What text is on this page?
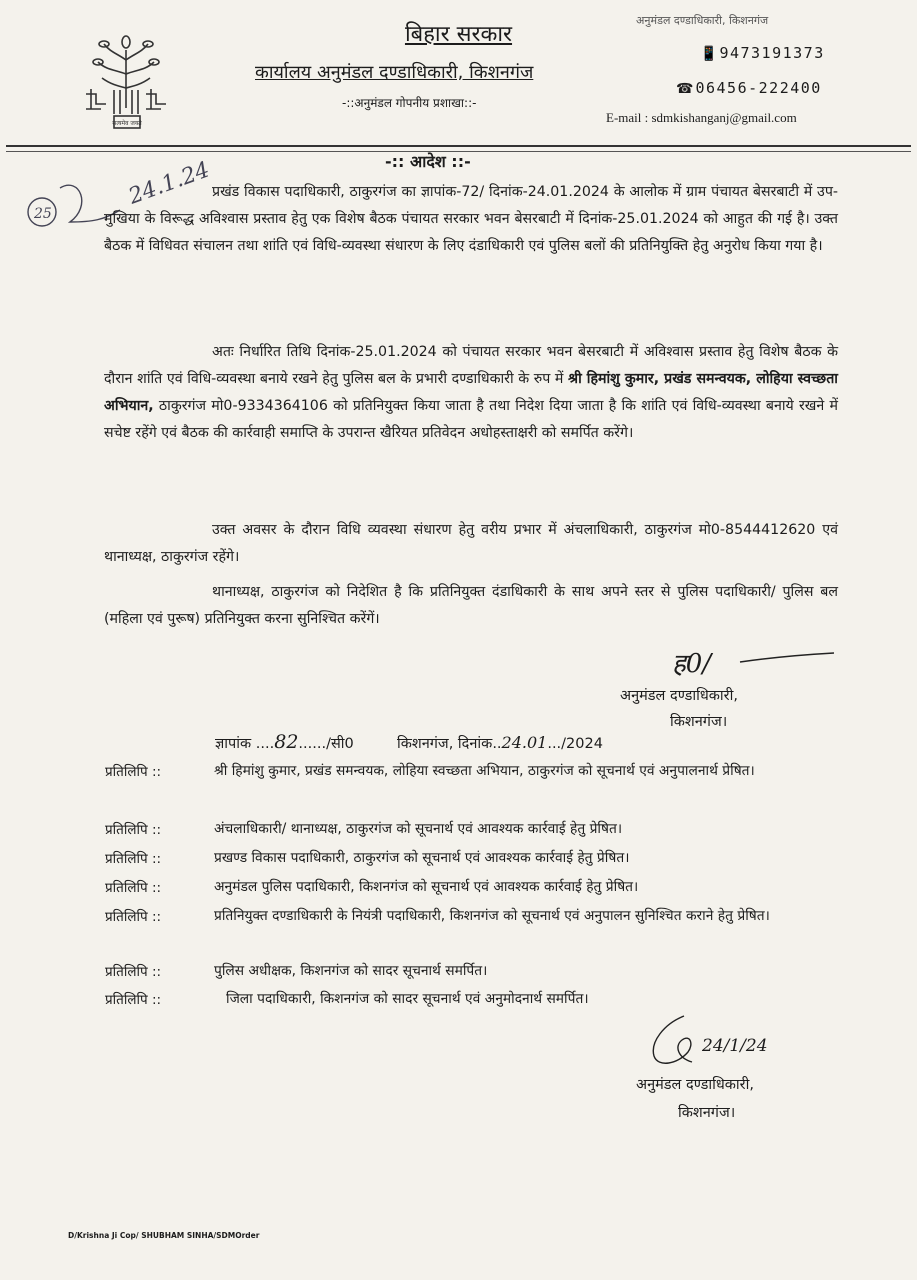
सत्यमेव जयते
अनुमंडल दण्डाधिकारी, किशनगंज
बिहार सरकार
कार्यालय अनुमंडल दण्डाधिकारी, किशनगंज
-::अनुमंडल गोपनीय प्रशाखा::-
📱 9473191373
☎ 06456-222400
E-mail : sdmkishanganj@gmail.com
25
24.1.24	-:: आदेश ::-
प्रखंड विकास पदाधिकारी, ठाकुरगंज का ज्ञापांक-72/ दिनांक-24.01.2024 के आलोक में ग्राम पंचायत बेसरबाटी में उप-मुखिया के विरूद्ध अविश्वास प्रस्ताव हेतु एक विशेष बैठक पंचायत सरकार भवन बेसरबाटी में दिनांक-25.01.2024 को आहुत की गई है। उक्त बैठक में विधिवत संचालन तथा शांति एवं विधि-व्यवस्था संधारण के लिए दंडाधिकारी एवं पुलिस बलों की प्रतिनियुक्ति हेतु अनुरोध किया गया है।
अतः निर्धारित तिथि दिनांक-25.01.2024 को पंचायत सरकार भवन बेसरबाटी में अविश्वास प्रस्ताव हेतु विशेष बैठक के दौरान शांति एवं विधि-व्यवस्था बनाये रखने हेतु पुलिस बल के प्रभारी दण्डाधिकारी के रुप में श्री हिमांशु कुमार, प्रखंड समन्वयक, लोहिया स्वच्छता अभियान, ठाकुरगंज मो0-9334364106 को प्रतिनियुक्त किया जाता है तथा निदेश दिया जाता है कि शांति एवं विधि-व्यवस्था बनाये रखने में सचेष्ट रहेंगे एवं बैठक की कार्रवाही समाप्ति के उपरान्त खैरियत प्रतिवेदन अधोहस्ताक्षरी को समर्पित करेंगे।
उक्त अवसर के दौरान विधि व्यवस्था संधारण हेतु वरीय प्रभार में अंचलाधिकारी, ठाकुरगंज मो0-8544412620 एवं थानाध्यक्ष, ठाकुरगंज रहेंगे।
थानाध्यक्ष, ठाकुरगंज को निदेशित है कि प्रतिनियुक्त दंडाधिकारी के साथ अपने स्तर से पुलिस पदाधिकारी/ पुलिस बल (महिला एवं पुरूष) प्रतिनियुक्त करना सुनिश्चित करेंगें।
ह0/
अनुमंडल दण्डाधिकारी,
किशनगंज।
ज्ञापांक ....82....../सी0	किशनगंज, दिनांक..24.01.../2024
प्रतिलिपि ::	श्री हिमांशु कुमार, प्रखंड समन्वयक, लोहिया स्वच्छता अभियान, ठाकुरगंज को सूचनार्थ एवं अनुपालनार्थ प्रेषित।
प्रतिलिपि ::	अंचलाधिकारी/ थानाध्यक्ष, ठाकुरगंज को सूचनार्थ एवं आवश्यक कार्रवाई हेतु प्रेषित।
प्रतिलिपि ::	प्रखण्ड विकास पदाधिकारी, ठाकुरगंज को सूचनार्थ एवं आवश्यक कार्रवाई हेतु प्रेषित।
प्रतिलिपि ::	अनुमंडल पुलिस पदाधिकारी, किशनगंज को सूचनार्थ एवं आवश्यक कार्रवाई हेतु प्रेषित।
प्रतिलिपि ::	प्रतिनियुक्त दण्डाधिकारी के नियंत्री पदाधिकारी, किशनगंज को सूचनार्थ एवं अनुपालन सुनिश्चित कराने हेतु प्रेषित।
प्रतिलिपि ::	पुलिस अधीक्षक, किशनगंज को सादर सूचनार्थ समर्पित।
प्रतिलिपि ::	जिला पदाधिकारी, किशनगंज को सादर सूचनार्थ एवं अनुमोदनार्थ समर्पित।
24/1/24
अनुमंडल दण्डाधिकारी,
किशनगंज।
D/Krishna Ji Cop/ SHUBHAM SINHA/SDMOrder
